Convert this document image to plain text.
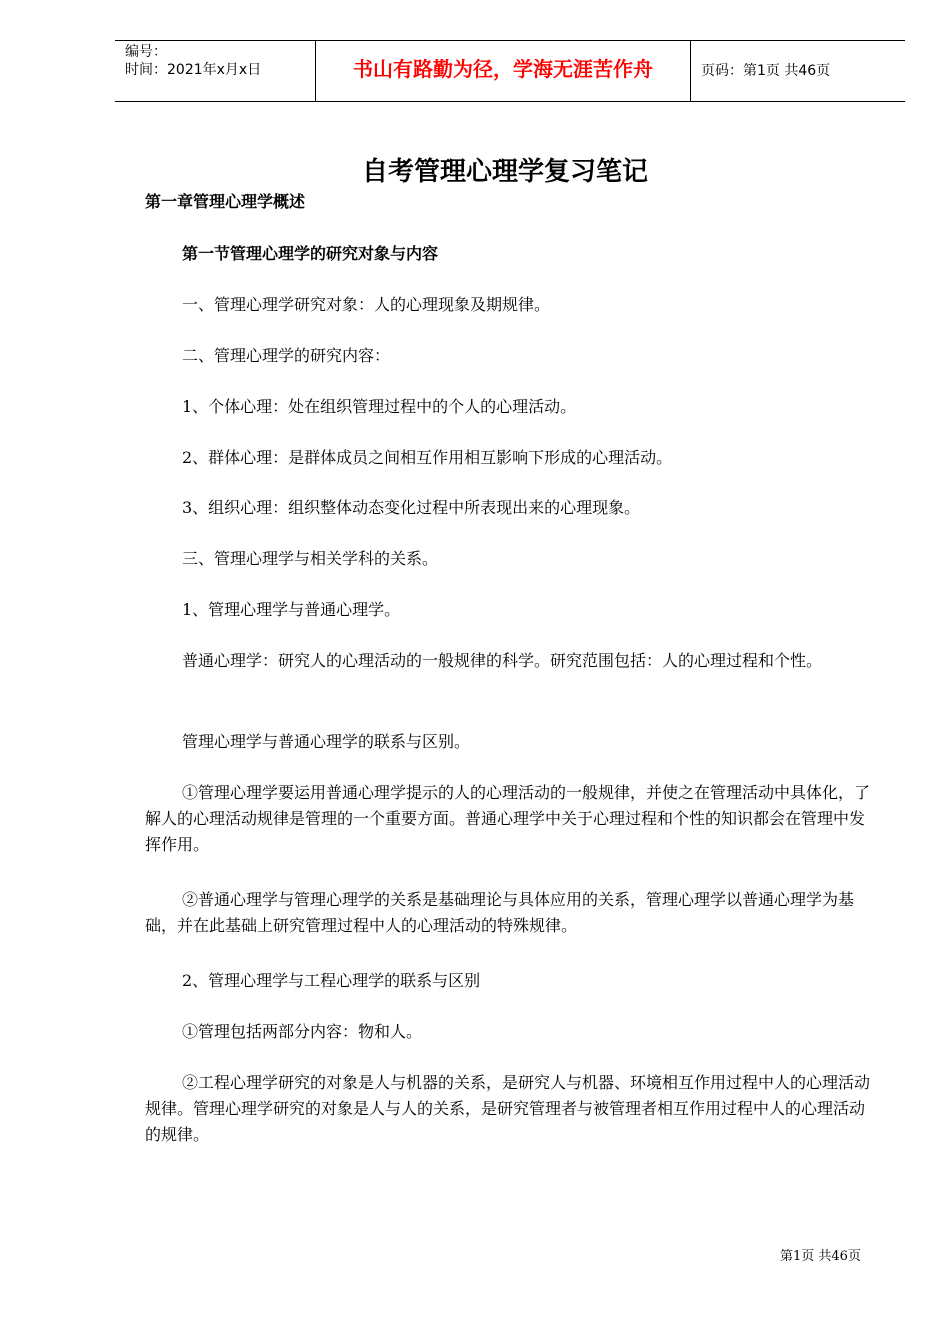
编号：
时间：2021年x月x日	书山有路勤为径，学海无涯苦作舟	页码：第1页 共46页
自考管理心理学复习笔记
第一章管理心理学概述
第一节管理心理学的研究对象与内容
一、管理心理学研究对象：人的心理现象及期规律。
二、管理心理学的研究内容：
1、个体心理：处在组织管理过程中的个人的心理活动。
2、群体心理：是群体成员之间相互作用相互影响下形成的心理活动。
3、组织心理：组织整体动态变化过程中所表现出来的心理现象。
三、管理心理学与相关学科的关系。
1、管理心理学与普通心理学。
普通心理学：研究人的心理活动的一般规律的科学。研究范围包括：人的心理过程和个性。
管理心理学与普通心理学的联系与区别。
①管理心理学要运用普通心理学提示的人的心理活动的一般规律，并使之在管理活动中具体化，了解人的心理活动规律是管理的一个重要方面。普通心理学中关于心理过程和个性的知识都会在管理中发挥作用。
②普通心理学与管理心理学的关系是基础理论与具体应用的关系，管理心理学以普通心理学为基础，并在此基础上研究管理过程中人的心理活动的特殊规律。
2、管理心理学与工程心理学的联系与区别
①管理包括两部分内容：物和人。
②工程心理学研究的对象是人与机器的关系，是研究人与机器、环境相互作用过程中人的心理活动规律。管理心理学研究的对象是人与人的关系，是研究管理者与被管理者相互作用过程中人的心理活动的规律。
第1页 共46页
